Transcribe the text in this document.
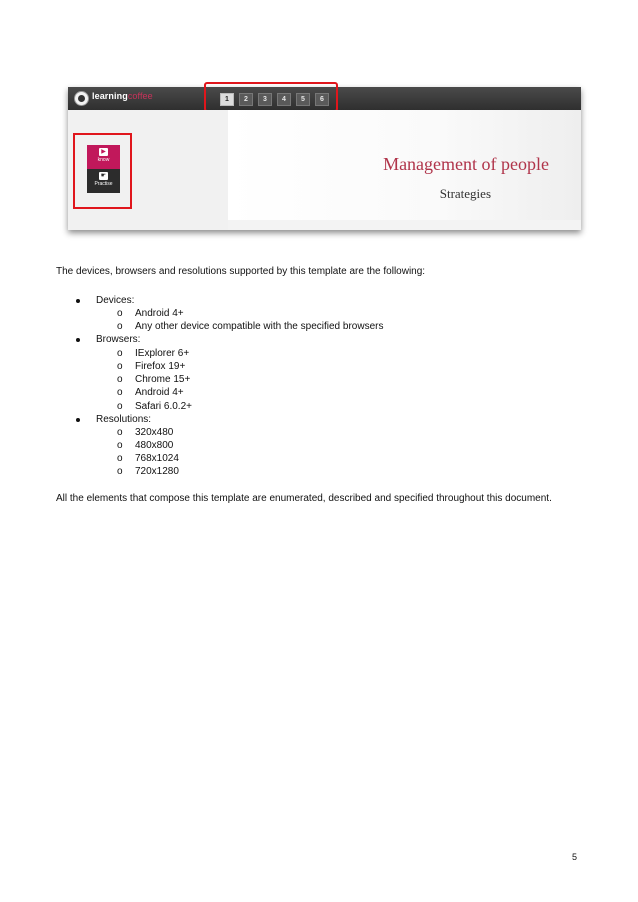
learningcoffee	1	2	3	4	5	6
▶
know
☛
Practise
Management of people
Strategies
The devices, browsers and resolutions supported by this template are the following:
Devices:
o Android 4+
o Any other device compatible with the specified browsers
Browsers:
o IExplorer 6+
o Firefox 19+
o Chrome 15+
o Android 4+
o Safari 6.0.2+
Resolutions:
o 320x480
o 480x800
o 768x1024
o 720x1280
All the elements that compose this template are enumerated, described and specified throughout this document.
5
